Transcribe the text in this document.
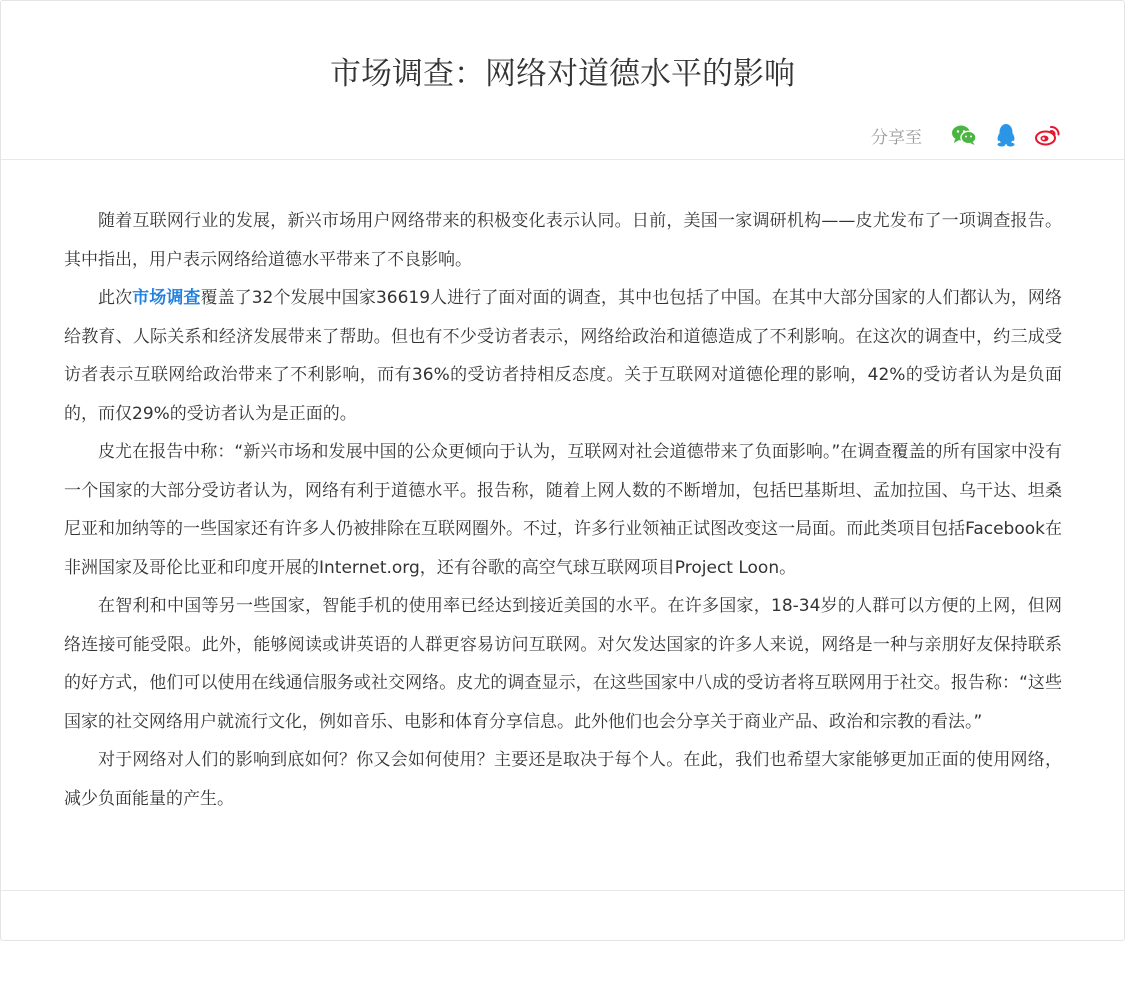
市场调查：网络对道德水平的影响
分享至

随着互联网行业的发展，新兴市场用户网络带来的积极变化表示认同。日前，美国一家调研机构——皮尤发布了一项调查报告。其中指出，用户表示网络给道德水平带来了不良影响。

此次市场调查覆盖了32个发展中国家36619人进行了面对面的调查，其中也包括了中国。在其中大部分国家的人们都认为，网络给教育、人际关系和经济发展带来了帮助。但也有不少受访者表示，网络给政治和道德造成了不利影响。在这次的调查中，约三成受访者表示互联网给政治带来了不利影响，而有36%的受访者持相反态度。关于互联网对道德伦理的影响，42%的受访者认为是负面的，而仅29%的受访者认为是正面的。

皮尤在报告中称：“新兴市场和发展中国的公众更倾向于认为，互联网对社会道德带来了负面影响。”在调查覆盖的所有国家中没有一个国家的大部分受访者认为，网络有利于道德水平。报告称，随着上网人数的不断增加，包括巴基斯坦、孟加拉国、乌干达、坦桑尼亚和加纳等的一些国家还有许多人仍被排除在互联网圈外。不过，许多行业领袖正试图改变这一局面。而此类项目包括Facebook在非洲国家及哥伦比亚和印度开展的Internet.org，还有谷歌的高空气球互联网项目Project Loon。

在智利和中国等另一些国家，智能手机的使用率已经达到接近美国的水平。在许多国家，18-34岁的人群可以方便的上网，但网络连接可能受限。此外，能够阅读或讲英语的人群更容易访问互联网。对欠发达国家的许多人来说，网络是一种与亲朋好友保持联系的好方式，他们可以使用在线通信服务或社交网络。皮尤的调查显示，在这些国家中八成的受访者将互联网用于社交。报告称：“这些国家的社交网络用户就流行文化，例如音乐、电影和体育分享信息。此外他们也会分享关于商业产品、政治和宗教的看法。”

对于网络对人们的影响到底如何？你又会如何使用？主要还是取决于每个人。在此，我们也希望大家能够更加正面的使用网络，减少负面能量的产生。
